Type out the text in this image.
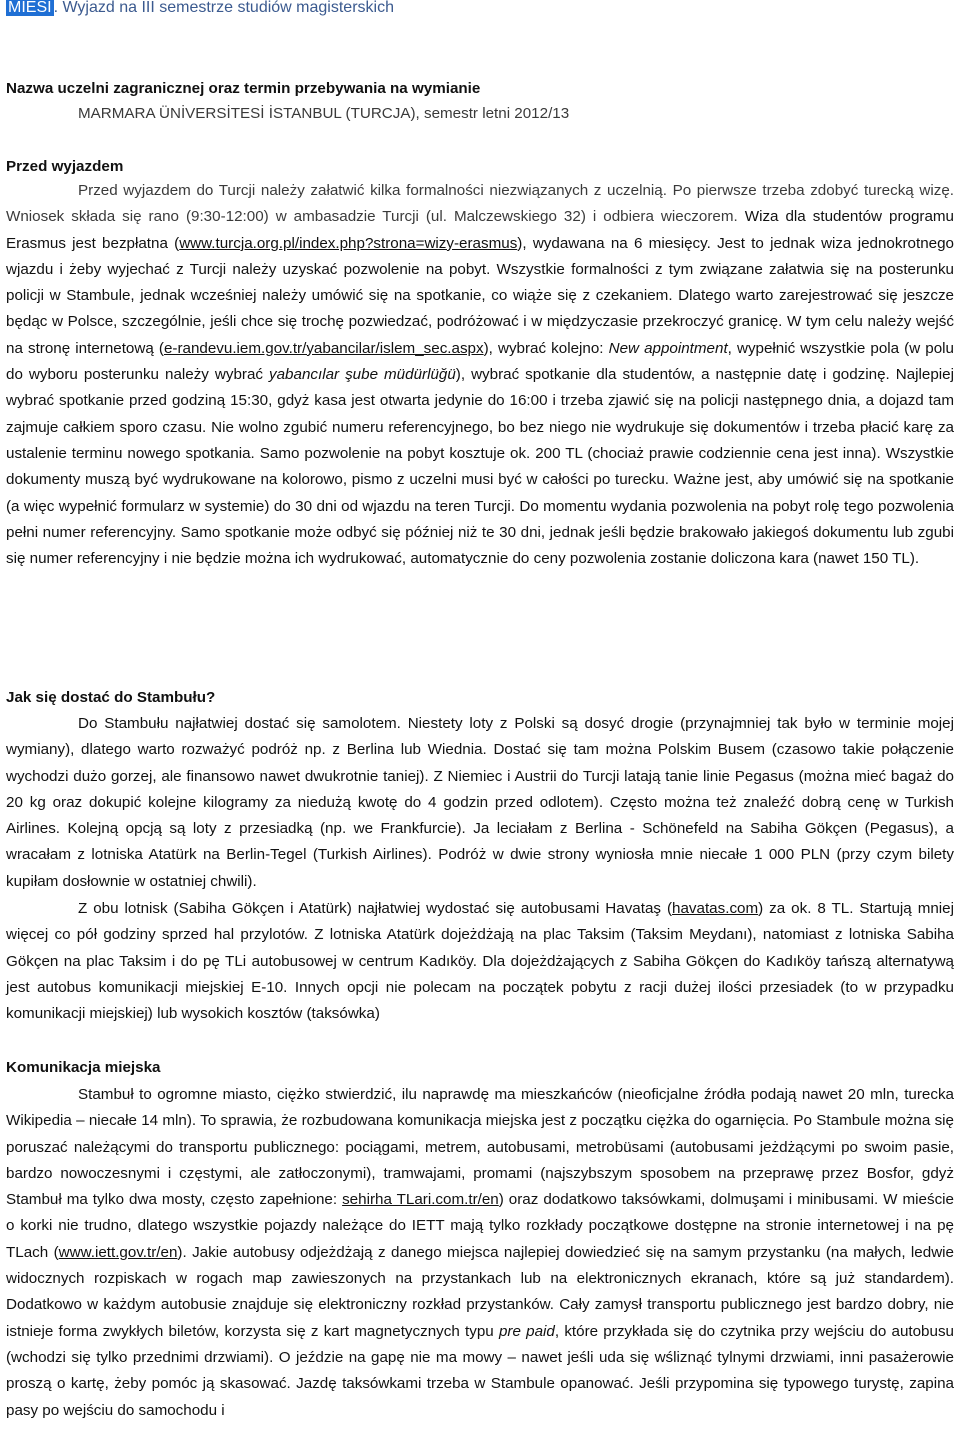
MIESI . Wyjazd na III semestrze studiów magisterskich
Nazwa uczelni zagranicznej oraz termin przebywania na wymianie
MARMARA ÜNİVERSİTESİ İSTANBUL (TURCJA), semestr letni 2012/13
Przed wyjazdem
Przed wyjazdem do Turcji należy załatwić kilka formalności niezwiązanych z uczelnią. Po pierwsze trzeba zdobyć turecką wizę. Wniosek składa się rano (9:30-12:00) w ambasadzie Turcji (ul. Malczewskiego 32) i odbiera wieczorem. Wiza dla studentów programu Erasmus jest bezpłatna (www.turcja.org.pl/index.php?strona=wizy-erasmus), wydawana na 6 miesięcy. Jest to jednak wiza jednokrotnego wjazdu i żeby wyjechać z Turcji należy uzyskać pozwolenie na pobyt. Wszystkie formalności z tym związane załatwia się na posterunku policji w Stambule, jednak wcześniej należy umówić się na spotkanie, co wiąże się z czekaniem. Dlatego warto zarejestrować się jeszcze będąc w Polsce, szczególnie, jeśli chce się trochę pozwiedzać, podróżować i w międzyczasie przekroczyć granicę. W tym celu należy wejść na stronę internetową (e-randevu.iem.gov.tr/yabancilar/islem_sec.aspx), wybrać kolejno: New appointment, wypełnić wszystkie pola (w polu do wyboru posterunku należy wybrać yabancılar şube müdürlüğü), wybrać spotkanie dla studentów, a następnie datę i godzinę. Najlepiej wybrać spotkanie przed godziną 15:30, gdyż kasa jest otwarta jedynie do 16:00 i trzeba zjawić się na policji następnego dnia, a dojazd tam zajmuje całkiem sporo czasu. Nie wolno zgubić numeru referencyjnego, bo bez niego nie wydrukuje się dokumentów i trzeba płacić karę za ustalenie terminu nowego spotkania. Samo pozwolenie na pobyt kosztuje ok. 200 TL (chociaż prawie codziennie cena jest inna). Wszystkie dokumenty muszą być wydrukowane na kolorowo, pismo z uczelni musi być w całości po turecku. Ważne jest, aby umówić się na spotkanie (a więc wypełnić formularz w systemie) do 30 dni od wjazdu na teren Turcji. Do momentu wydania pozwolenia na pobyt rolę tego pozwolenia pełni numer referencyjny. Samo spotkanie może odbyć się później niż te 30 dni, jednak jeśli będzie brakowało jakiegoś dokumentu lub zgubi się numer referencyjny i nie będzie można ich wydrukować, automatycznie do ceny pozwolenia zostanie doliczona kara (nawet 150 TL).
Jak się dostać do Stambułu?
Do Stambułu najłatwiej dostać się samolotem. Niestety loty z Polski są dosyć drogie (przynajmniej tak było w terminie mojej wymiany), dlatego warto rozważyć podróż np. z Berlina lub Wiednia. Dostać się tam można Polskim Busem (czasowo takie połączenie wychodzi dużo gorzej, ale finansowo nawet dwukrotnie taniej). Z Niemiec i Austrii do Turcji latają tanie linie Pegasus (można mieć bagaż do 20 kg oraz dokupić kolejne kilogramy za niedużą kwotę do 4 godzin przed odlotem). Często można też znaleźć dobrą cenę w Turkish Airlines. Kolejną opcją są loty z przesiadką (np. we Frankfurcie). Ja leciałam z Berlina - Schönefeld na Sabiha Gökçen (Pegasus), a wracałam z lotniska Atatürk na Berlin-Tegel (Turkish Airlines). Podróż w dwie strony wyniosła mnie niecałe 1 000 PLN (przy czym bilety kupiłam dosłownie w ostatniej chwili).
Z obu lotnisk (Sabiha Gökçen i Atatürk) najłatwiej wydostać się autobusami Havataş (havatas.com) za ok. 8 TL. Startują mniej więcej co pół godziny sprzed hal przylotów. Z lotniska Atatürk dojeżdżają na plac Taksim (Taksim Meydanı), natomiast z lotniska Sabiha Gökçen na plac Taksim i do pę TLi autobusowej w centrum Kadıköy. Dla dojeżdżających z Sabiha Gökçen do Kadıköy tańszą alternatywą jest autobus komunikacji miejskiej E-10. Innych opcji nie polecam na początek pobytu z racji dużej ilości przesiadek (to w przypadku komunikacji miejskiej) lub wysokich kosztów (taksówka)
Komunikacja miejska
Stambuł to ogromne miasto, ciężko stwierdzić, ilu naprawdę ma mieszkańców (nieoficjalne źródła podają nawet 20 mln, turecka Wikipedia – niecałe 14 mln). To sprawia, że rozbudowana komunikacja miejska jest z początku ciężka do ogarnięcia. Po Stambule można się poruszać należącymi do transportu publicznego: pociągami, metrem, autobusami, metrobüsami (autobusami jeżdżącymi po swoim pasie, bardzo nowoczesnymi i częstymi, ale zatłoczonymi), tramwajami, promami (najszybszym sposobem na przeprawę przez Bosfor, gdyż Stambuł ma tylko dwa mosty, często zapełnione: sehirha TLari.com.tr/en) oraz dodatkowo taksówkami, dolmuşami i minibusami. W mieście o korki nie trudno, dlatego wszystkie pojazdy należące do IETT mają tylko rozkłady początkowe dostępne na stronie internetowej i na pę TLach (www.iett.gov.tr/en). Jakie autobusy odjeżdżają z danego miejsca najlepiej dowiedzieć się na samym przystanku (na małych, ledwie widocznych rozpiskach w rogach map zawieszonych na przystankach lub na elektronicznych ekranach, które są już standardem). Dodatkowo w każdym autobusie znajduje się elektroniczny rozkład przystanków. Cały zamysł transportu publicznego jest bardzo dobry, nie istnieje forma zwykłych biletów, korzysta się z kart magnetycznych typu pre paid, które przykłada się do czytnika przy wejściu do autobusu (wchodzi się tylko przednimi drzwiami). O jeździe na gapę nie ma mowy – nawet jeśli uda się wśliznąć tylnymi drzwiami, inni pasażerowie proszą o kartę, żeby pomóc ją skasować. Jazdę taksówkami trzeba w Stambule opanować. Jeśli przypomina się typowego turystę, zapina pasy po wejściu do samochodu i
